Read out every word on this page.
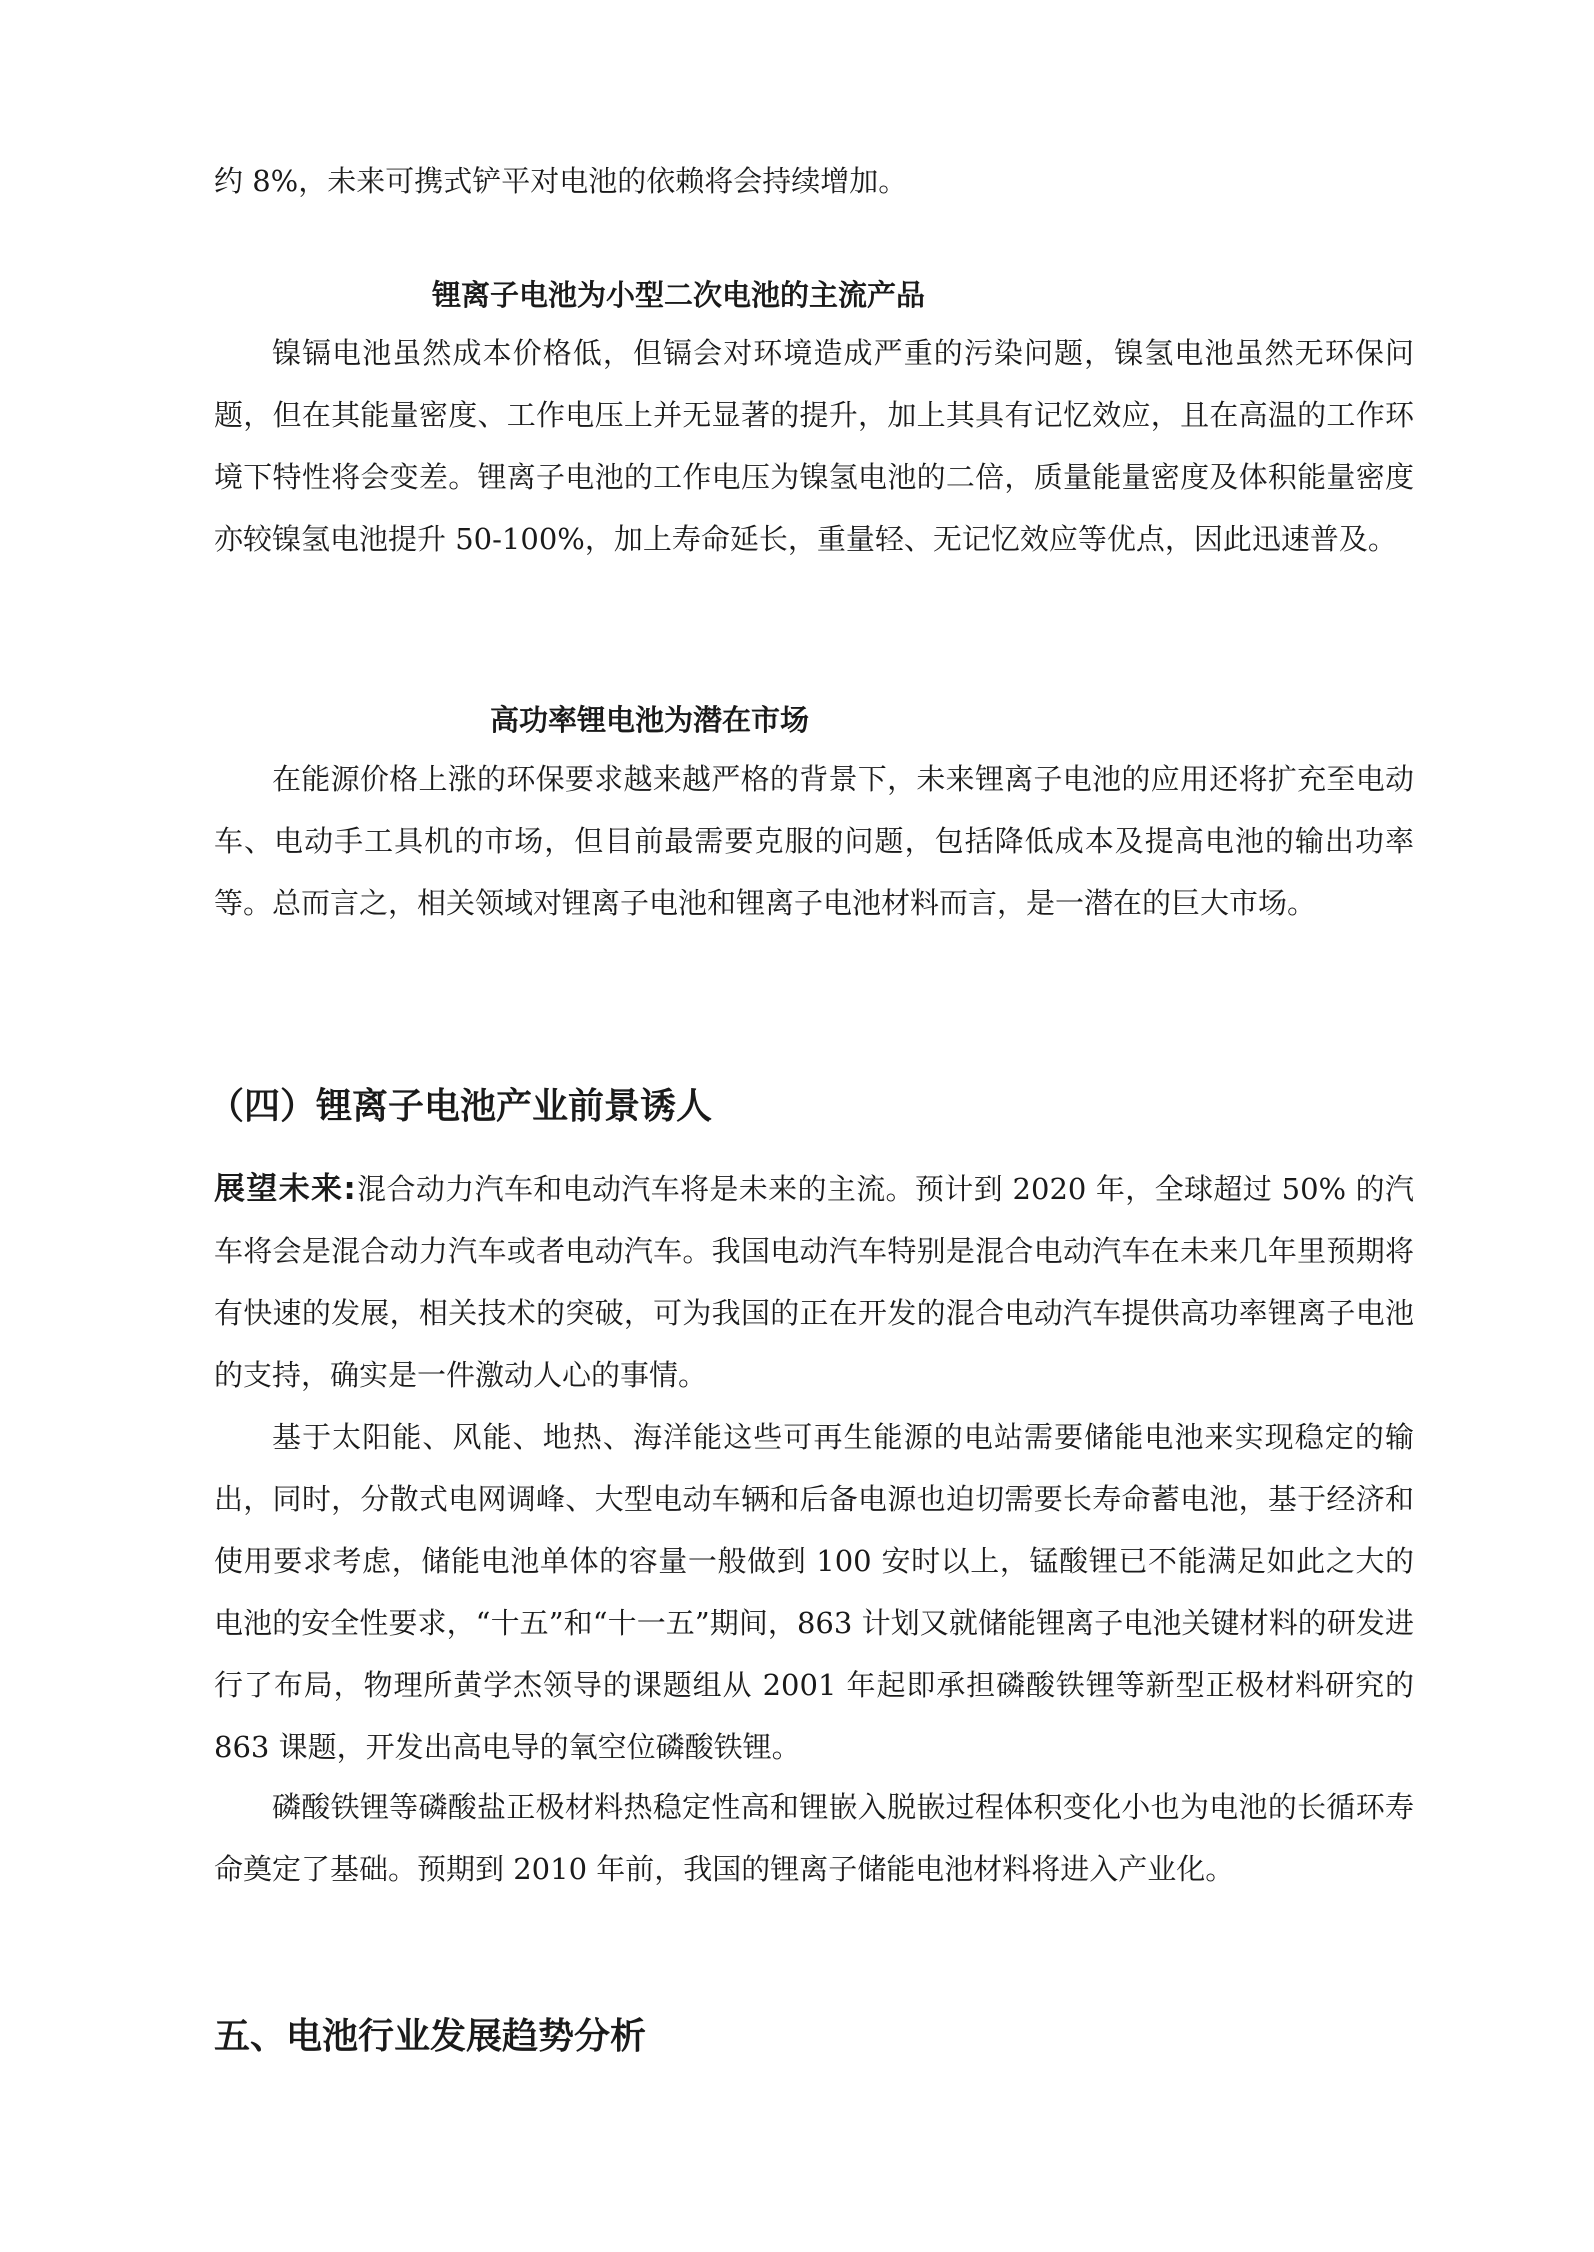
约 8%，未来可携式铲平对电池的依赖将会持续增加。

锂离子电池为小型二次电池的主流产品

镍镉电池虽然成本价格低，但镉会对环境造成严重的污染问题，镍氢电池虽然无环保问题，但在其能量密度、工作电压上并无显著的提升，加上其具有记忆效应，且在高温的工作环境下特性将会变差。锂离子电池的工作电压为镍氢电池的二倍，质量能量密度及体积能量密度亦较镍氢电池提升 50-100%，加上寿命延长，重量轻、无记忆效应等优点，因此迅速普及。

高功率锂电池为潜在市场

在能源价格上涨的环保要求越来越严格的背景下，未来锂离子电池的应用还将扩充至电动车、电动手工具机的市场，但目前最需要克服的问题，包括降低成本及提高电池的输出功率等。总而言之，相关领域对锂离子电池和锂离子电池材料而言，是一潜在的巨大市场。

（四）锂离子电池产业前景诱人

展望未来:混合动力汽车和电动汽车将是未来的主流。预计到 2020 年，全球超过 50% 的汽车将会是混合动力汽车或者电动汽车。我国电动汽车特别是混合电动汽车在未来几年里预期将有快速的发展，相关技术的突破，可为我国的正在开发的混合电动汽车提供高功率锂离子电池的支持，确实是一件激动人心的事情。

基于太阳能、风能、地热、海洋能这些可再生能源的电站需要储能电池来实现稳定的输出，同时，分散式电网调峰、大型电动车辆和后备电源也迫切需要长寿命蓄电池，基于经济和使用要求考虑，储能电池单体的容量一般做到 100 安时以上，锰酸锂已不能满足如此之大的电池的安全性要求，“十五”和“十一五”期间，863 计划又就储能锂离子电池关键材料的研发进行了布局，物理所黄学杰领导的课题组从 2001 年起即承担磷酸铁锂等新型正极材料研究的 863 课题，开发出高电导的氧空位磷酸铁锂。

磷酸铁锂等磷酸盐正极材料热稳定性高和锂嵌入脱嵌过程体积变化小也为电池的长循环寿命奠定了基础。预期到 2010 年前，我国的锂离子储能电池材料将进入产业化。

五、电池行业发展趋势分析
